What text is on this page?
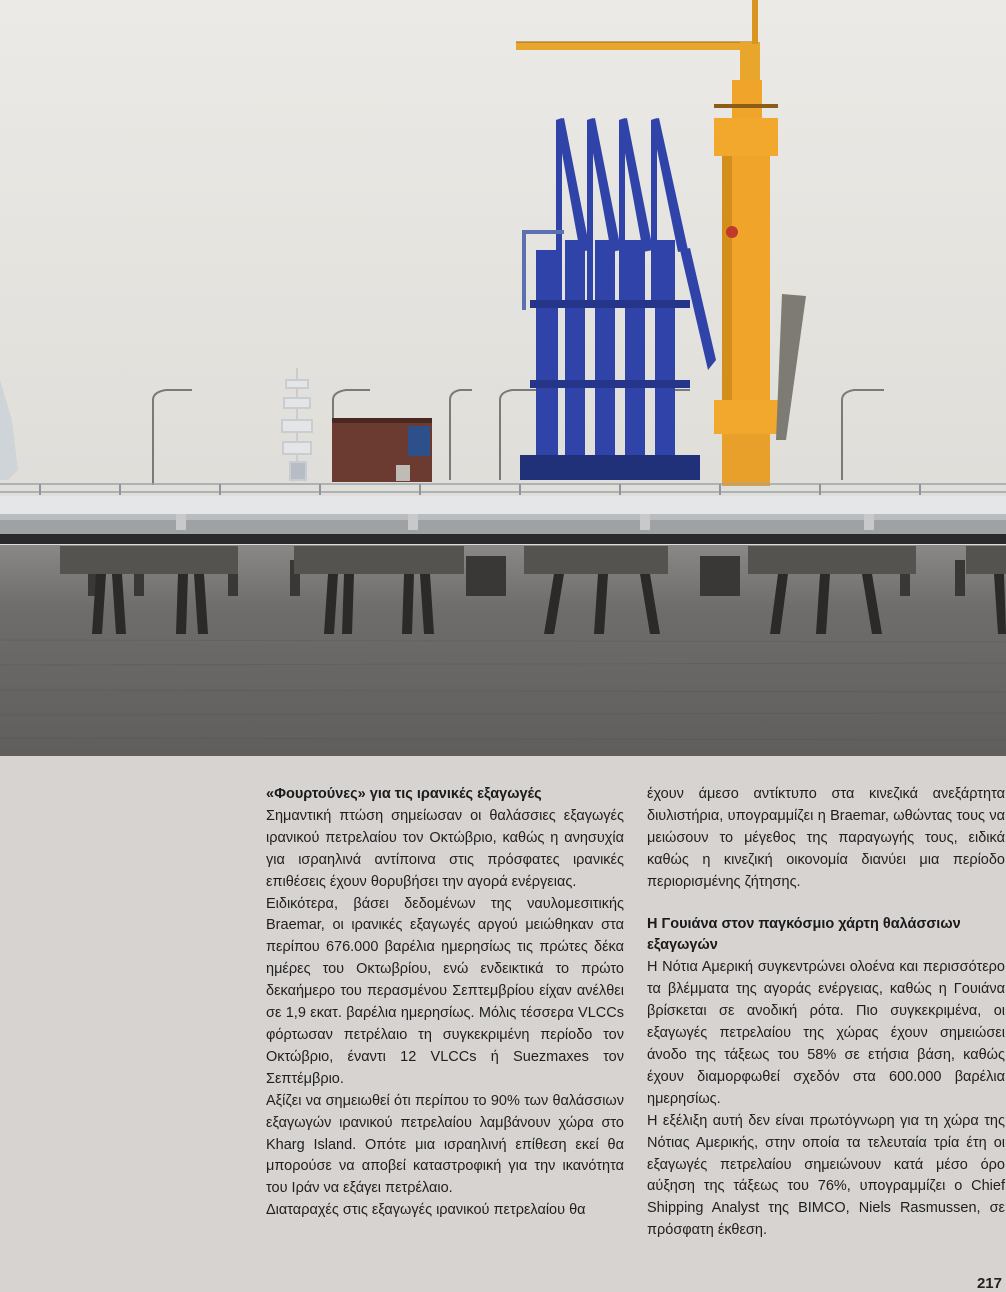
«Φουρτούνες» για τις ιρανικές εξαγωγές

Σημαντική πτώση σημείωσαν οι θαλάσσιες εξαγωγές ιρανικού πετρελαίου τον Οκτώβριο, καθώς η ανησυχία για ισραηλινά αντίποινα στις πρόσφατες ιρανικές επιθέσεις έχουν θορυβήσει την αγορά ενέργειας.

Ειδικότερα, βάσει δεδομένων της ναυλομεσιτικής Braemar, οι ιρανικές εξαγωγές αργού μειώθηκαν στα περίπου 676.000 βαρέλια ημερησίως τις πρώτες δέκα ημέρες του Οκτωβρίου, ενώ ενδεικτικά το πρώτο δεκαήμερο του περασμένου Σεπτεμβρίου είχαν ανέλθει σε 1,9 εκατ. βαρέλια ημερησίως. Μόλις τέσσερα VLCCs φόρτωσαν πετρέλαιο τη συγκεκριμένη περίοδο τον Οκτώβριο, έναντι 12 VLCCs ή Suezmaxes τον Σεπτέμβριο.

Αξίζει να σημειωθεί ότι περίπου το 90% των θαλάσσιων εξαγωγών ιρανικού πετρελαίου λαμβάνουν χώρα στο Kharg Island. Οπότε μια ισραηλινή επίθεση εκεί θα μπορούσε να αποβεί καταστροφική για την ικανότητα του Ιράν να εξάγει πετρέλαιο.

Διαταραχές στις εξαγωγές ιρανικού πετρελαίου θα

έχουν άμεσο αντίκτυπο στα κινεζικά ανεξάρτητα διυλιστήρια, υπογραμμίζει η Braemar, ωθώντας τους να μειώσουν το μέγεθος της παραγωγής τους, ειδικά καθώς η κινεζική οικονομία διανύει μια περίοδο περιορισμένης ζήτησης.

Η Γουιάνα στον παγκόσμιο χάρτη θαλάσσιων εξαγωγών

Η Νότια Αμερική συγκεντρώνει ολοένα και περισσότερο τα βλέμματα της αγοράς ενέργειας, καθώς η Γουιάνα βρίσκεται σε ανοδική ρότα. Πιο συγκεκριμένα, οι εξαγωγές πετρελαίου της χώρας έχουν σημειώσει άνοδο της τάξεως του 58% σε ετήσια βάση, καθώς έχουν διαμορφωθεί σχεδόν στα 600.000 βαρέλια ημερησίως.

Η εξέλιξη αυτή δεν είναι πρωτόγνωρη για τη χώρα της Νότιας Αμερικής, στην οποία τα τελευταία τρία έτη οι εξαγωγές πετρελαίου σημειώνουν κατά μέσο όρο αύξηση της τάξεως του 76%, υπογραμμίζει ο Chief Shipping Analyst της BIMCO, Niels Rasmussen, σε πρόσφατη έκθεση.

217
